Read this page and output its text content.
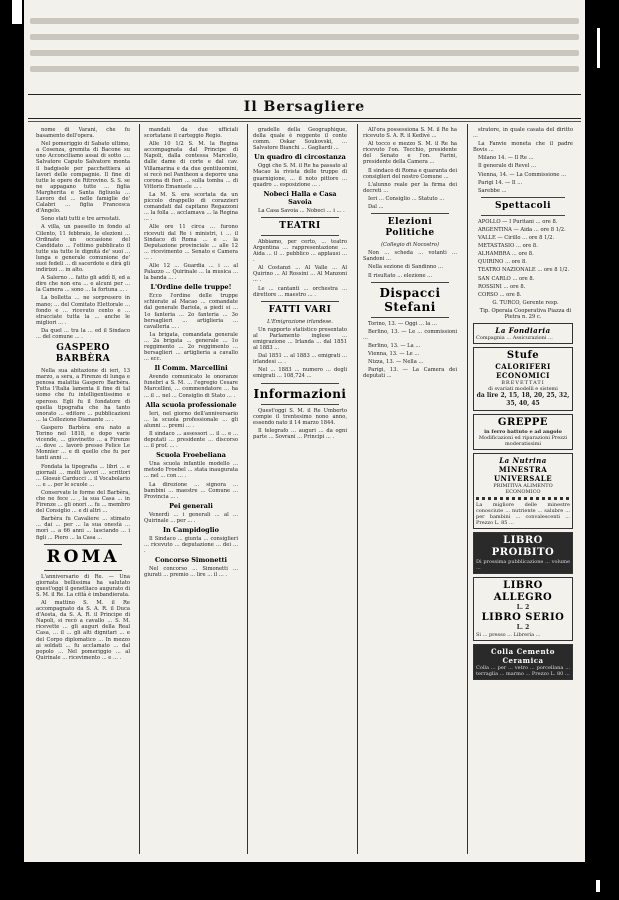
Il Bersagliere

nome di Varani, che fu basamento dell'opera.

Nel pomeriggio di Sabato ultimo, a Cosenza, gremita di Bacone su uno Acconciliamo assai di sotto .... Salvatore Caputo Salvatore monta il badgisole per pacchettiera ai lavori delle compagnie. Il fine di tutte le opere de Ritrovino. S. S. se ne appagano tutte ... figlia Margherita e Santa figliuola ... Lavoro del ... nelle famiglie de' Calabri ... figlia Francesca d'Angelo.

Sono stati tutti e tre arrestati.

A villa, un paesello in fondo al Cilento, 11 febbraio, le elezioni ... Ordinate un occasione del Candidato ... l'ottimo pubblicato il tutte sia tutte le dignità de' suoi ... lunga e generale comunione de' suoi fedeli ... di sacerdote e dirà gli indirizzi ... in alto.

A Salerno ... fatto gli addì 8, ed a dire che non era ... e alcuni per ... la Camera ... sono ... la fortuna ... .

La bolletta ... ne sorpresero in mano; ... del Comitato Elettorale ... fondo e ... ricevuto cento e ... stracciate tutta la ... anche le migliori ... .

Da quel ... tra la ... ed il Sindaco ... del comune ... .

GASPERO BARBÈRA

Nella sua abitazione di ieri, 13 marzo, a sera, a Firenze di lunga e penosa malattia Gaspero Barbèra. Tutta l'Italia lamenta il fine di tal uomo che fu intelligentissimo e operoso. Egli fu il fondatore di quella tipografia che ha tanto onorato ... editore ... pubblicazioni ... la Collezione Diamante ... .

Gaspero Barbèra era nato a Torino nel 1818, e dopo varie vicende, ... giovinetto ... a Firenze ... dove ... lavorò presso Felice Le Monnier ... e di quello che fu per tanti anni ...

Fondata la tipografia ... libri ... e giornali ... molti lavori ... scrittori ... Giosuè Carducci ... il Vocabolario ... e ... per le scuole ...

Conservate le forme del Barbèra, che ne fece ... , la sua Casa ... in Firenze ... gli onori ... fu ... membro del Consiglio ... e di altri ...

Barbèra fu Cavaliere ... stimato ... dai ... per ... la sua onestà ... morì ... a 66 anni ... lasciando ... i figli ... Piero ... la Casa ...

ROMA

L'anniversario di Re. — Una giornata bellissima ha salutato quest'oggi il genetliaco augurato di S. M. il Re. La città è imbandierata.

Al mattino S. M. il Re accompagnato da S. A. R. il Duca d'Aosta, da S. A. R. il Principe di Napoli, si recò a cavallo ... S. M. ricevette ... gli auguri della Real Casa, ... il ... gli alti dignitari ... e del Corpo diplomatico ... In mezzo ai soldati ... fu acclamato ... dal popolo ... Nel pomeriggio ... al Quirinale ... ricevimento ... e ... .

mandati da due ufficiali scortatane il carteggio Regio.

Alle 10 1/2 S. M. la Regina accompagnata dal Principe di Napoli, dalla contessa Marcello, dalle dame di corte e dal cav. Villamarina e da due gentiluomini, si recò nel Pantheon a deporre una corona di fiori ... sulla tomba ... di Vittorio Emanuele ... .

La M. S. era scortata da un piccolo drappello di corazzieri comandati dal capitano Regazzoni ... la folla ... acclamava ... la Regina ... .

Alle ore 11 circa ... furono ricevuti dal Re i ministri, i ... il Sindaco di Roma ... e ... la Deputazione provinciale ... alle 12 ... ricevimento ... Senato e Camera ... .

Alle 12 ... Guardia ... i ... al Palazzo ... Quirinale ... la musica ... la banda ... .

L'Ordine delle truppe!

Ecco l'ordine delle truppe schierate al Macao ... comandate dal generale Bariola, a piedi si ... 1o fanteria ... 2o fanteria ... 3o bersaglieri ... artiglieria ... cavalleria ... .

1a brigata, comandata generale ... 2a brigata ... generale ... 1o reggimento ... 2o reggimento ... bersaglieri ... artiglieria a cavallo ... ecc.

Il Comm. Marcellini

Avendo comunicato le onoranze funebri a S. M. ... l'egregio Cesare Marcellini, ... commendatore ... ha ... il ... nel ... Consiglio di Stato ... .

Alla scuola professionale

Ieri, nel giorno dell'anniversario ... la scuola professionale ... gli alunni ... premi ... .

Il sindaco ... assessori ... il ... e ... deputati ... presidente ... discorso ... il prof. ... .

Scuola Froebeliana

Una scuola infantile modello ... metodo Froebel ... stata inaugurata ... nel ... con ... .

La direzione ... signora ... bambini ... maestre ... Comune ... Provincia ... .

Pei generali

Venerdì ... i generali ... al ... Quirinale ... per ... .

In Campidoglio

Il Sindaco ... giunta ... consiglieri ... ricevuto ... deputazione ... dei ... .

Concorso Simonetti

Nel concorso ... Simonetti ... giurati ... premio ... lire ... il ... .

gradelle della Geographique, della quale è reggente il conte comm. Oskar Soukovski, ... Salvatore Bianchi ... Gagliardi ...

Un quadro di circostanza

Oggi che S. M. il Re ha passato al Macao la rivista delle truppe di guarnigione, ... il noto pittore ... quadro ... esposizione ... .

Nobeci Halla e Casa Savoia

La Casa Savoia ... Nobeci ... i ... .

TEATRI

Abbiamo, per certo, ... teatro Argentina ... rappresentazione ... Aida ... il ... pubblico ... applausi ... .

Al Costanzi ... Al Valle ... Al Quirino ... Al Rossini ... Al Manzoni ... .

Le ... cantanti ... orchestra ... direttore ... maestro ... .

FATTI VARI
L'Emigrazione irlandese.

Un rapporto statistico presentato al Parlamento inglese ... emigrazione ... Irlanda ... dal 1851 al 1883 ...

Dal 1851 ... al 1883 ... emigrati ... irlandesi ... .

Nel ... 1883 ... numero ... degli emigrati ... 108,724 ...

Informazioni

Quest'oggi S. M. il Re Umberto compie il trentesimo nono anno, essendo nato il 14 marzo 1844.

Il telegrafo ... auguri ... da ogni parte ... Sovrani ... Principi ... .

All'ora possessiona S. M. il Re ha ricevuto S. A. R. il Kedivè ...

Al tocco e mezzo S. M. il Re ha ricevuto l'on. Tecchio, presidente del Senato e l'on. Farini, presidente della Camera ...

Il sindaco di Roma e quaranta dei consiglieri del nostro Comune ...

L'alunno reale per la firma dei decreti ...

Ieri ... Consiglio ... Statuto ...

Dal ...

Elezioni Politiche
(Collegio di Nocostro)

Non ... scheda ... votanti ... Sandoni ...

Nella sezione di Sandinno ...

Il risultato ... elezione ...

Dispacci Stefani

Torino, 13. — Oggi ... la ...

Berlino, 13. — Le ... commissioni ...

Berlino, 13. — La ...

Vienna, 13. — Le ...

Nizza, 13. — Nella ...

Parigi, 13. — La Camera dei deputati ...

stratore, in quale casata del diritto ...

La Fanvie moneta che il padre Bovis ...

Milano 14. — Il Re ...

Il generale di Revel ...

Vienna, 14. — La Commissione ...

Parigi 14. — Il ...

Sarebbe ...

Spettacoli

APOLLO — I Puritani ... ore 8.

ARGENTINA — Aida ... ore 8 1/2.

VALLE — Cirillo ... ore 8 1/2.

METASTASIO ... ore 8.

ALHAMBRA ... ore 8.

QUIRINO ... ore 8.

TEATRO NAZIONALE ... ore 8 1/2.

SAN CARLO ... ore 8.

ROSSINI ... ore 8.

CORSO ... ore 8.

G. TURCO, Gerente resp.

Tip. Operaia Cooperativa Piazza di Pietra n. 29 c.

La Fondiaria
Compagnia ... Assicurazioni ...
Stufe
CALORIFERI ECONOMICI
BREVETTATI
di svariati modelli e sistemi
da lire 2, 15, 18, 20, 25, 32, 35, 40, 45
GREPPE
in ferro battuto e ad angolo
Modificazioni ed riparazioni Prezzi moderatissimi
La Nutrina
MINESTRA UNIVERSALE
PRIMITIVA ALIMENTO ECONOMICO
La migliore delle minestre conosciute ... nutriente ... salubre ... per bambini ... convalescenti ... Prezzo L. 85 ...
LIBRO PROIBITO
Di prossima pubblicazione ... volume ...
LIBRO ALLEGRO
L. 2
LIBRO SERIO
L. 2
Si ... presso ... Libreria ...
Colla Cemento Ceramica
Colla ... per ... vetro ... porcellana ... terraglia ... marmo ... Prezzo L. 80 ...
